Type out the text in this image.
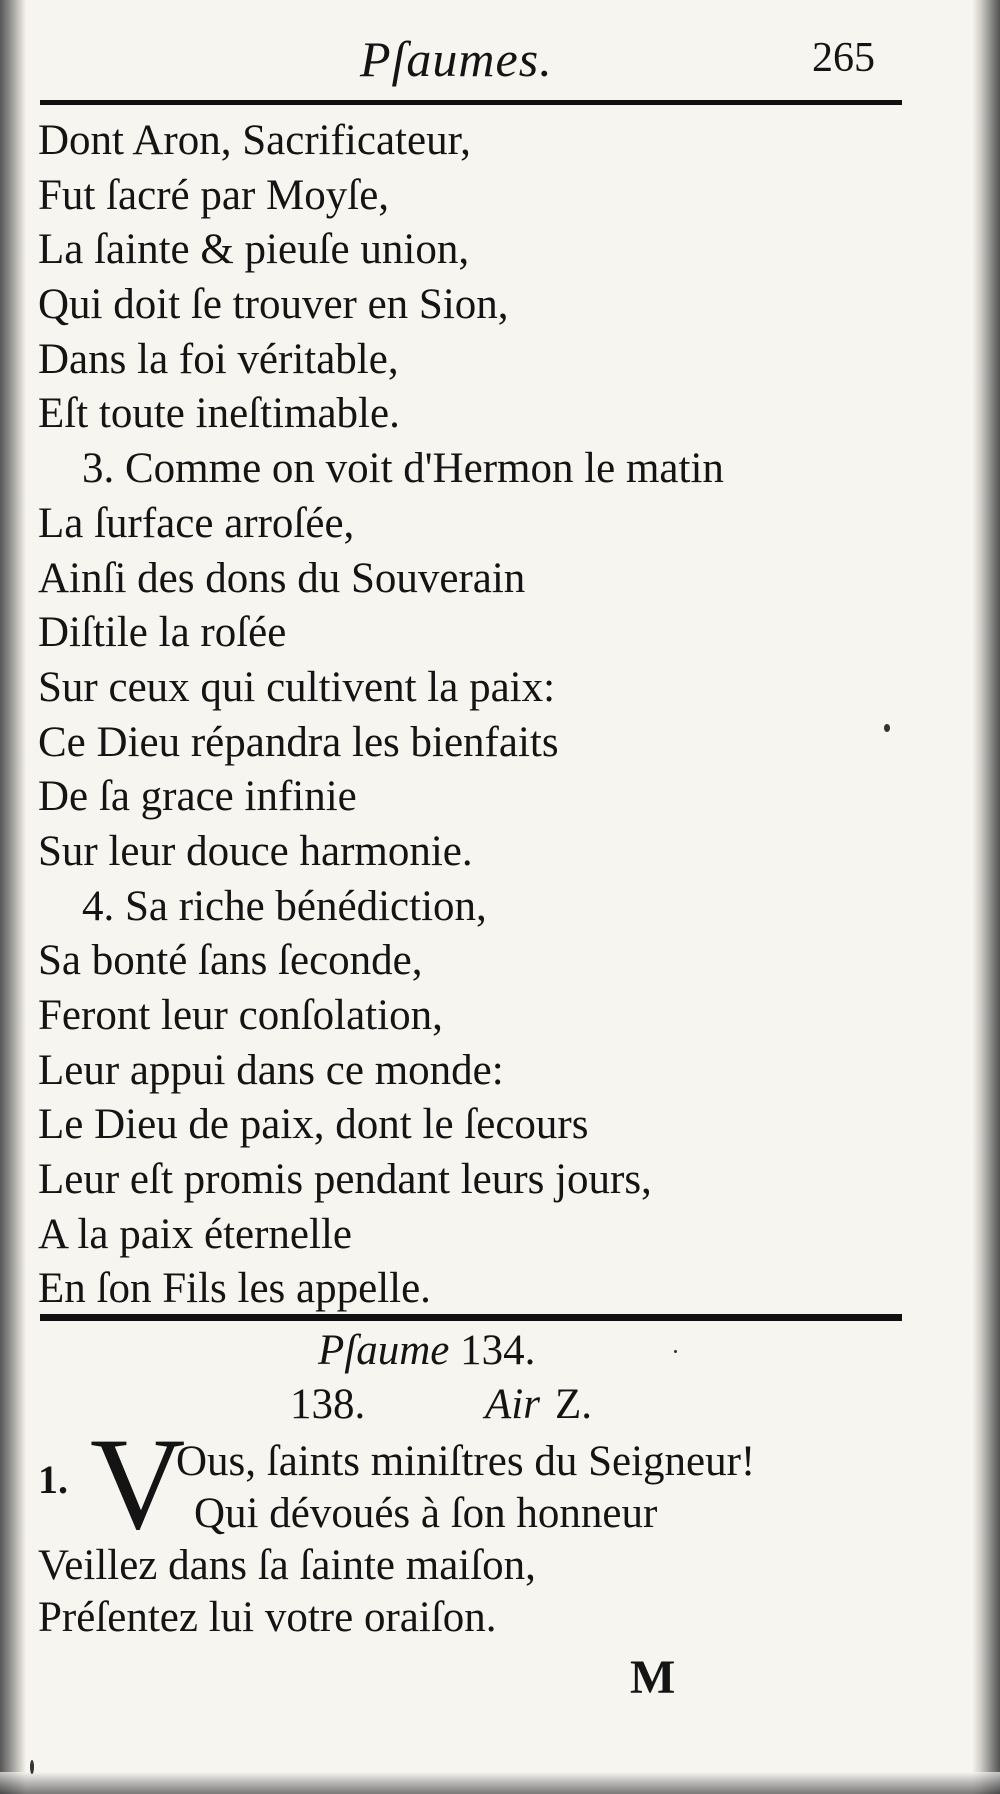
Pſaumes.	265
Dont Aron, Sacrificateur,
Fut ſacré par Moyſe,
La ſainte & pieuſe union,
Qui doit ſe trouver en Sion,
Dans la foi véritable,
Eſt toute ineſtimable.
3. Comme on voit d'Hermon le matin
La ſurface arroſée,
Ainſi des dons du Souverain
Diſtile la roſée
Sur ceux qui cultivent la paix:
Ce Dieu répandra les bienfaits
De ſa grace infinie
Sur leur douce harmonie.
4. Sa riche bénédiction,
Sa bonté ſans ſeconde,
Feront leur conſolation,
Leur appui dans ce monde:
Le Dieu de paix, dont le ſecours
Leur eſt promis pendant leurs jours,
A la paix éternelle
En ſon Fils les appelle.
Pſaume 134.
138.	Air Z.
1. V
Ous, ſaints miniſtres du Seigneur!
Qui dévoués à ſon honneur
Veillez dans ſa ſainte maiſon,
Préſentez lui votre oraiſon.
M
